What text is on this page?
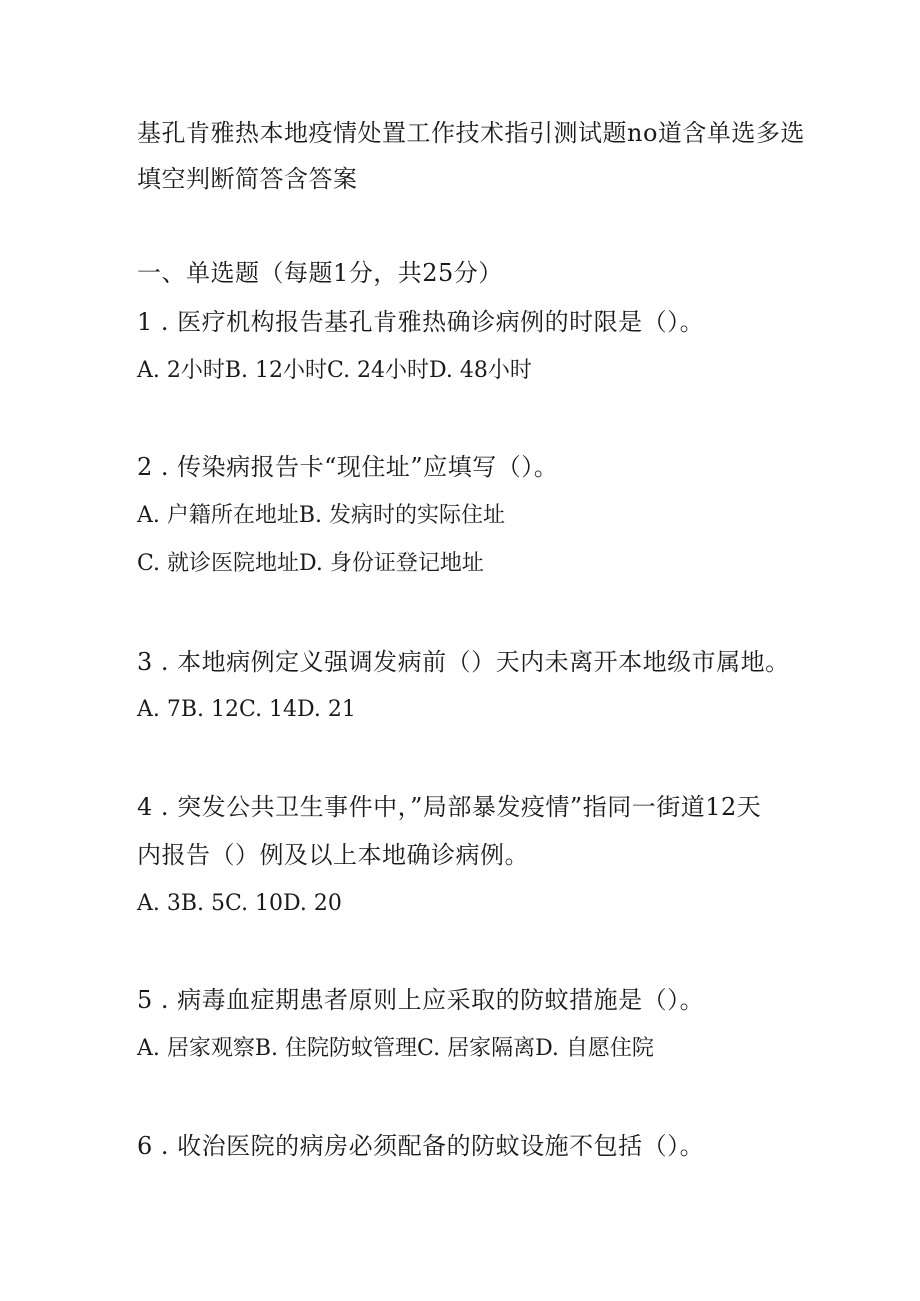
基孔肯雅热本地疫情处置工作技术指引测试题no道含单选多选填空判断简答含答案
一、单选题（每题1分，共25分）
1 . 医疗机构报告基孔肯雅热确诊病例的时限是（）。
A. 2小时B. 12小时C. 24小时D. 48小时
2 . 传染病报告卡“现住址”应填写（）。
A. 户籍所在地址B. 发病时的实际住址
C. 就诊医院地址D. 身份证登记地址
3 . 本地病例定义强调发病前（）天内未离开本地级市属地。
A. 7B. 12C. 14D. 21
4 . 突发公共卫生事件中，”局部暴发疫情”指同一街道12天
内报告（）例及以上本地确诊病例。
A. 3B. 5C. 10D. 20
5 . 病毒血症期患者原则上应采取的防蚊措施是（）。
A. 居家观察B. 住院防蚊管理C. 居家隔离D. 自愿住院
6 . 收治医院的病房必须配备的防蚊设施不包括（）。
